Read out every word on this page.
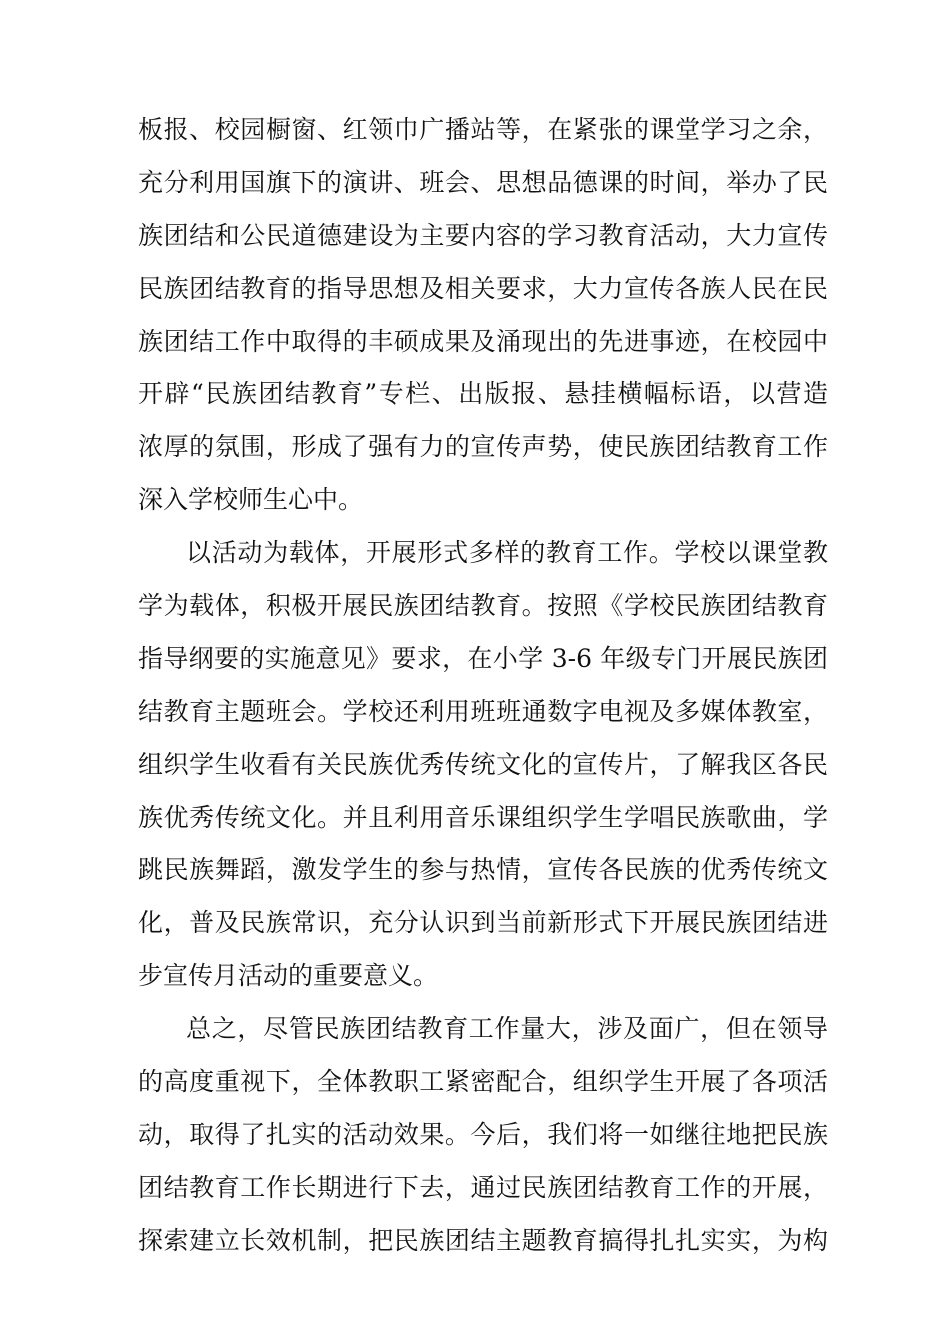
板报、校园橱窗、红领巾广播站等，在紧张的课堂学习之余，
充分利用国旗下的演讲、班会、思想品德课的时间，举办了民
族团结和公民道德建设为主要内容的学习教育活动，大力宣传
民族团结教育的指导思想及相关要求，大力宣传各族人民在民
族团结工作中取得的丰硕成果及涌现出的先进事迹，在校园中
开辟“民族团结教育”专栏、出版报、悬挂横幅标语，以营造
浓厚的氛围，形成了强有力的宣传声势，使民族团结教育工作
深入学校师生心中。
以活动为载体，开展形式多样的教育工作。学校以课堂教
学为载体，积极开展民族团结教育。按照《学校民族团结教育
指导纲要的实施意见》要求，在小学 3-6 年级专门开展民族团
结教育主题班会。学校还利用班班通数字电视及多媒体教室，
组织学生收看有关民族优秀传统文化的宣传片，了解我区各民
族优秀传统文化。并且利用音乐课组织学生学唱民族歌曲，学
跳民族舞蹈，激发学生的参与热情，宣传各民族的优秀传统文
化，普及民族常识，充分认识到当前新形式下开展民族团结进
步宣传月活动的重要意义。
总之，尽管民族团结教育工作量大，涉及面广，但在领导
的高度重视下，全体教职工紧密配合，组织学生开展了各项活
动，取得了扎实的活动效果。今后，我们将一如继往地把民族
团结教育工作长期进行下去，通过民族团结教育工作的开展，
探索建立长效机制，把民族团结主题教育搞得扎扎实实，为构
